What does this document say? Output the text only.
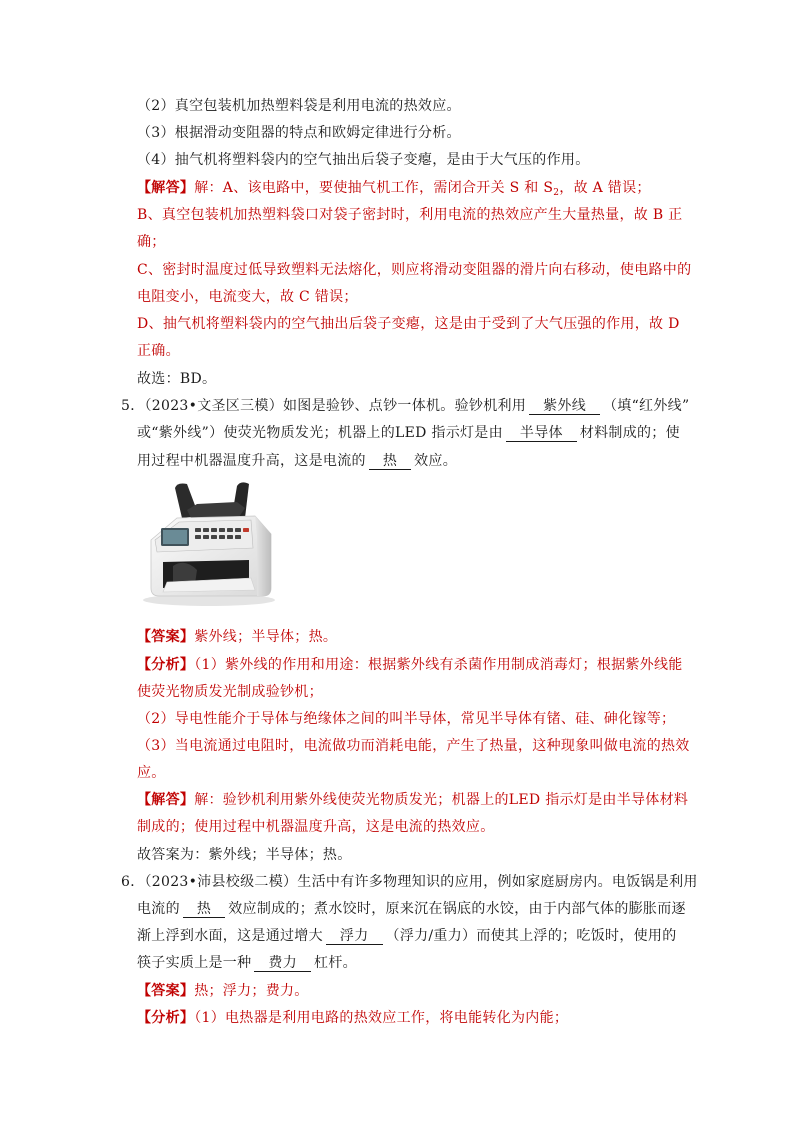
（2）真空包装机加热塑料袋是利用电流的热效应。
（3）根据滑动变阻器的特点和欧姆定律进行分析。
（4）抽气机将塑料袋内的空气抽出后袋子变瘪，是由于大气压的作用。
【解答】解：A、该电路中，要使抽气机工作，需闭合开关 S 和 $S_2$，故 A 错误；
B、真空包装机加热塑料袋口对袋子密封时，利用电流的热效应产生大量热量，故 B 正
确；
C、密封时温度过低导致塑料无法熔化，则应将滑动变阻器的滑片向右移动，使电路中的
电阻变小，电流变大，故 C 错误；
D、抽气机将塑料袋内的空气抽出后袋子变瘪，这是由于受到了大气压强的作用，故 D
正确。
故选：BD。
5．（2023•文圣区三模）如图是验钞、点钞一体机。验钞机利用 紫外线 （填“红外线”
或“紫外线”）使荧光物质发光；机器上的LED 指示灯是由 半导体 材料制成的；使
用过程中机器温度升高，这是电流的 热 效应。
【答案】紫外线；半导体；热。
【分析】（1）紫外线的作用和用途：根据紫外线有杀菌作用制成消毒灯；根据紫外线能
使荧光物质发光制成验钞机；
（2）导电性能介于导体与绝缘体之间的叫半导体，常见半导体有锗、硅、砷化镓等；
（3）当电流通过电阻时，电流做功而消耗电能，产生了热量，这种现象叫做电流的热效
应。
【解答】解：验钞机利用紫外线使荧光物质发光；机器上的LED 指示灯是由半导体材料
制成的；使用过程中机器温度升高，这是电流的热效应。
故答案为：紫外线；半导体；热。
6．（2023•沛县校级二模）生活中有许多物理知识的应用，例如家庭厨房内。电饭锅是利用
电流的 热 效应制成的；煮水饺时，原来沉在锅底的水饺，由于内部气体的膨胀而逐
渐上浮到水面，这是通过增大 浮力 （浮力/重力）而使其上浮的；吃饭时，使用的
筷子实质上是一种 费力 杠杆。
【答案】热；浮力；费力。
【分析】（1）电热器是利用电路的热效应工作，将电能转化为内能；
